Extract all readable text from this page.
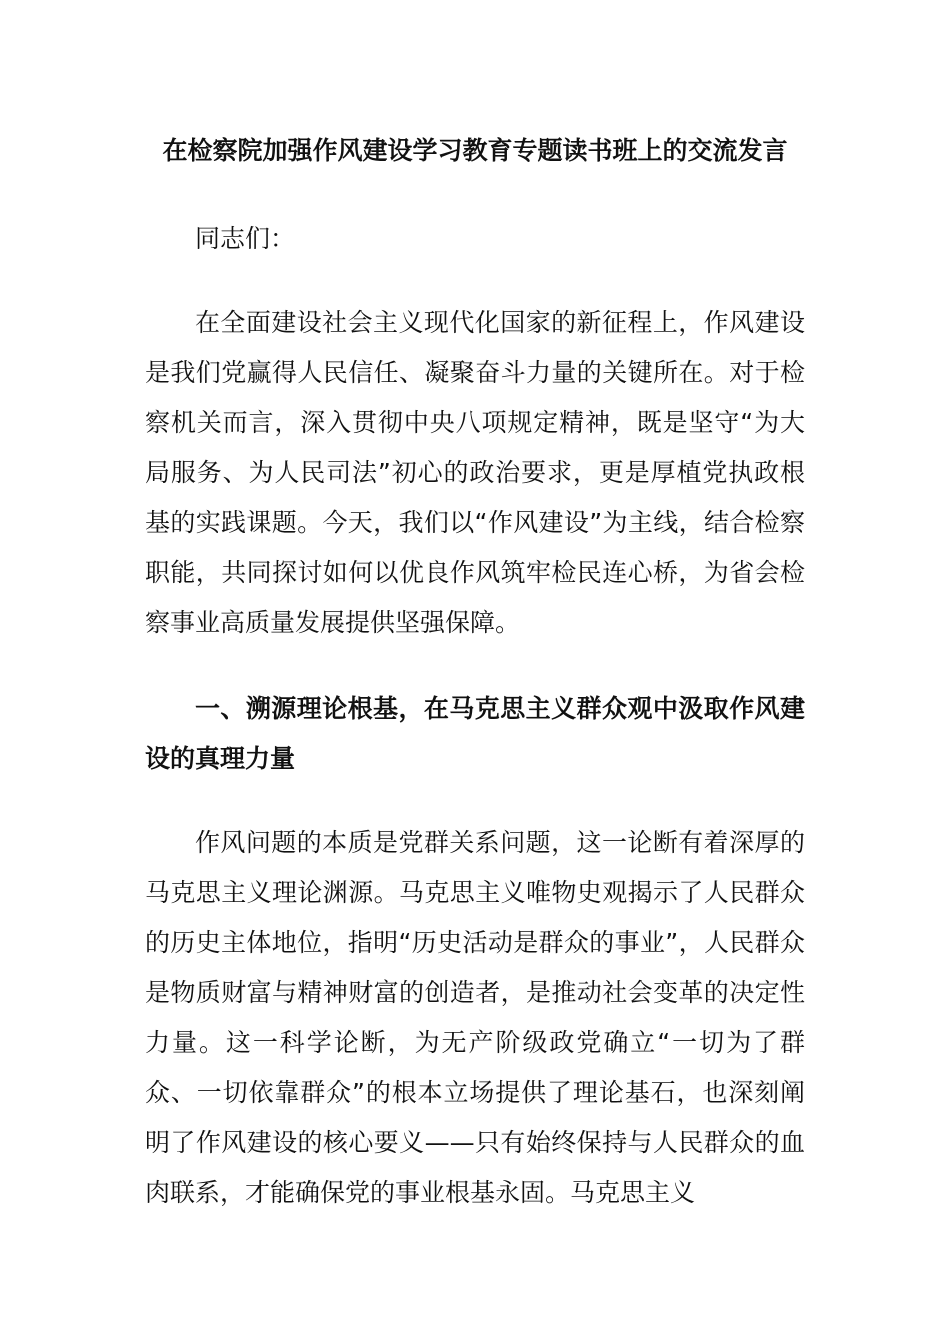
在检察院加强作风建设学习教育专题读书班上的交流发言

同志们：

在全面建设社会主义现代化国家的新征程上，作风建设是我们党赢得人民信任、凝聚奋斗力量的关键所在。对于检察机关而言，深入贯彻中央八项规定精神，既是坚守“为大局服务、为人民司法”初心的政治要求，更是厚植党执政根基的实践课题。今天，我们以“作风建设”为主线，结合检察职能，共同探讨如何以优良作风筑牢检民连心桥，为省会检察事业高质量发展提供坚强保障。

一、溯源理论根基，在马克思主义群众观中汲取作风建设的真理力量

作风问题的本质是党群关系问题，这一论断有着深厚的马克思主义理论渊源。马克思主义唯物史观揭示了人民群众的历史主体地位，指明“历史活动是群众的事业”，人民群众是物质财富与精神财富的创造者，是推动社会变革的决定性力量。这一科学论断，为无产阶级政党确立“一切为了群众、一切依靠群众”的根本立场提供了理论基石，也深刻阐明了作风建设的核心要义——只有始终保持与人民群众的血肉联系，才能确保党的事业根基永固。马克思主义
